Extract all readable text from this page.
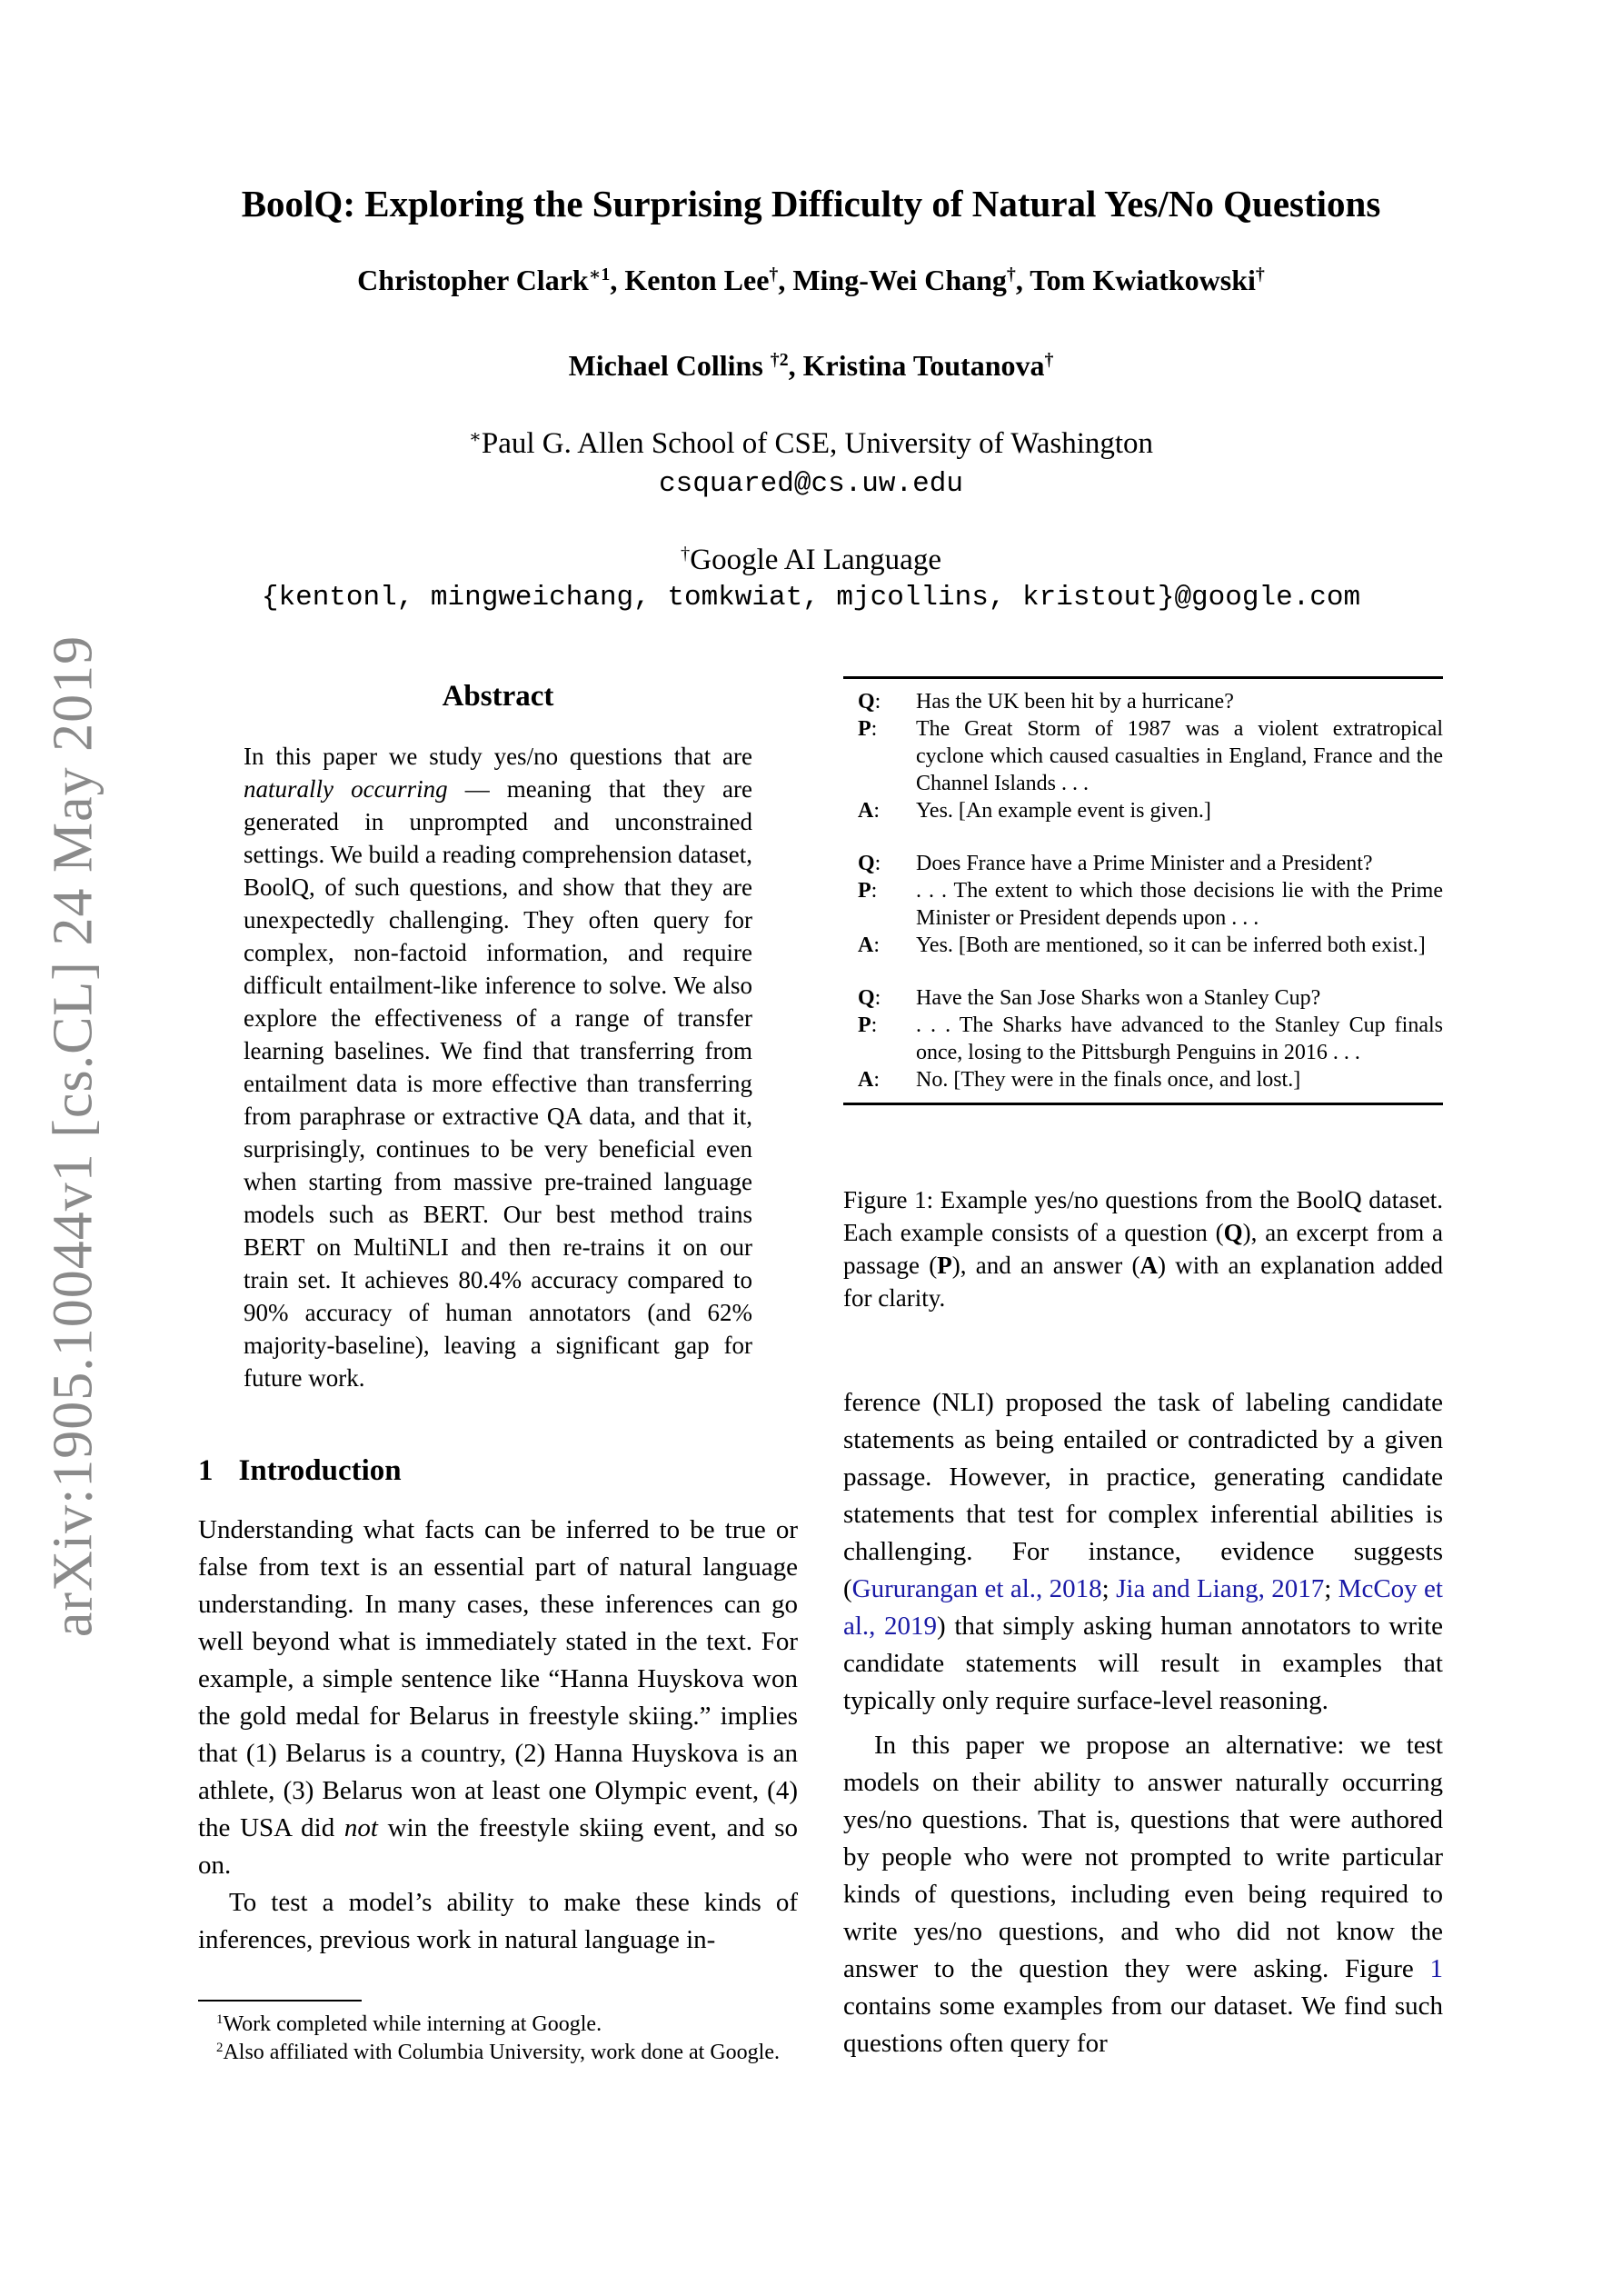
arXiv:1905.10044v1 [cs.CL] 24 May 2019
BoolQ: Exploring the Surprising Difficulty of Natural Yes/No Questions
Christopher Clark$^{∗1}$, Kenton Lee†, Ming-Wei Chang†, Tom Kwiatkowski†
Michael Collins $^{\dagger 2}$, Kristina Toutanova†
∗Paul G. Allen School of CSE, University of Washington
csquared@cs.uw.edu
†Google AI Language
{kentonl, mingweichang, tomkwiat, mjcollins, kristout}@google.com
Abstract
In this paper we study yes/no questions that are naturally occurring — meaning that they are generated in unprompted and unconstrained settings. We build a reading comprehension dataset, BoolQ, of such questions, and show that they are unexpectedly challenging. They often query for complex, non-factoid information, and require difficult entailment-like inference to solve. We also explore the effectiveness of a range of transfer learning baselines. We find that transferring from entailment data is more effective than transferring from paraphrase or extractive QA data, and that it, surprisingly, continues to be very beneficial even when starting from massive pre-trained language models such as BERT. Our best method trains BERT on MultiNLI and then re-trains it on our train set. It achieves 80.4% accuracy compared to 90% accuracy of human annotators (and 62% majority-baseline), leaving a significant gap for future work.
1 Introduction

Understanding what facts can be inferred to be true or false from text is an essential part of natural language understanding. In many cases, these inferences can go well beyond what is immediately stated in the text. For example, a simple sentence like “Hanna Huyskova won the gold medal for Belarus in freestyle skiing.” implies that (1) Belarus is a country, (2) Hanna Huyskova is an athlete, (3) Belarus won at least one Olympic event, (4) the USA did not win the freestyle skiing event, and so on.

To test a model’s ability to make these kinds of inferences, previous work in natural language in-

$^1$Work completed while interning at Google.
$^2$Also affiliated with Columbia University, work done at Google.
Q:	Has the UK been hit by a hurricane?
P:	The Great Storm of 1987 was a violent extratropical cyclone which caused casualties in England, France and the Channel Islands . . .
A:	Yes. [An example event is given.]
Q:	Does France have a Prime Minister and a President?
P:	. . . The extent to which those decisions lie with the Prime Minister or President depends upon . . .
A:	Yes. [Both are mentioned, so it can be inferred both exist.]
Q:	Have the San Jose Sharks won a Stanley Cup?
P:	. . . The Sharks have advanced to the Stanley Cup finals once, losing to the Pittsburgh Penguins in 2016 . . .
A:	No. [They were in the finals once, and lost.]
Figure 1: Example yes/no questions from the BoolQ dataset. Each example consists of a question (Q), an excerpt from a passage (P), and an answer (A) with an explanation added for clarity.

ference (NLI) proposed the task of labeling candidate statements as being entailed or contradicted by a given passage. However, in practice, generating candidate statements that test for complex inferential abilities is challenging. For instance, evidence suggests (Gururangan et al., 2018; Jia and Liang, 2017; McCoy et al., 2019) that simply asking human annotators to write candidate statements will result in examples that typically only require surface-level reasoning.

In this paper we propose an alternative: we test models on their ability to answer naturally occurring yes/no questions. That is, questions that were authored by people who were not prompted to write particular kinds of questions, including even being required to write yes/no questions, and who did not know the answer to the question they were asking. Figure 1 contains some examples from our dataset. We find such questions often query for
